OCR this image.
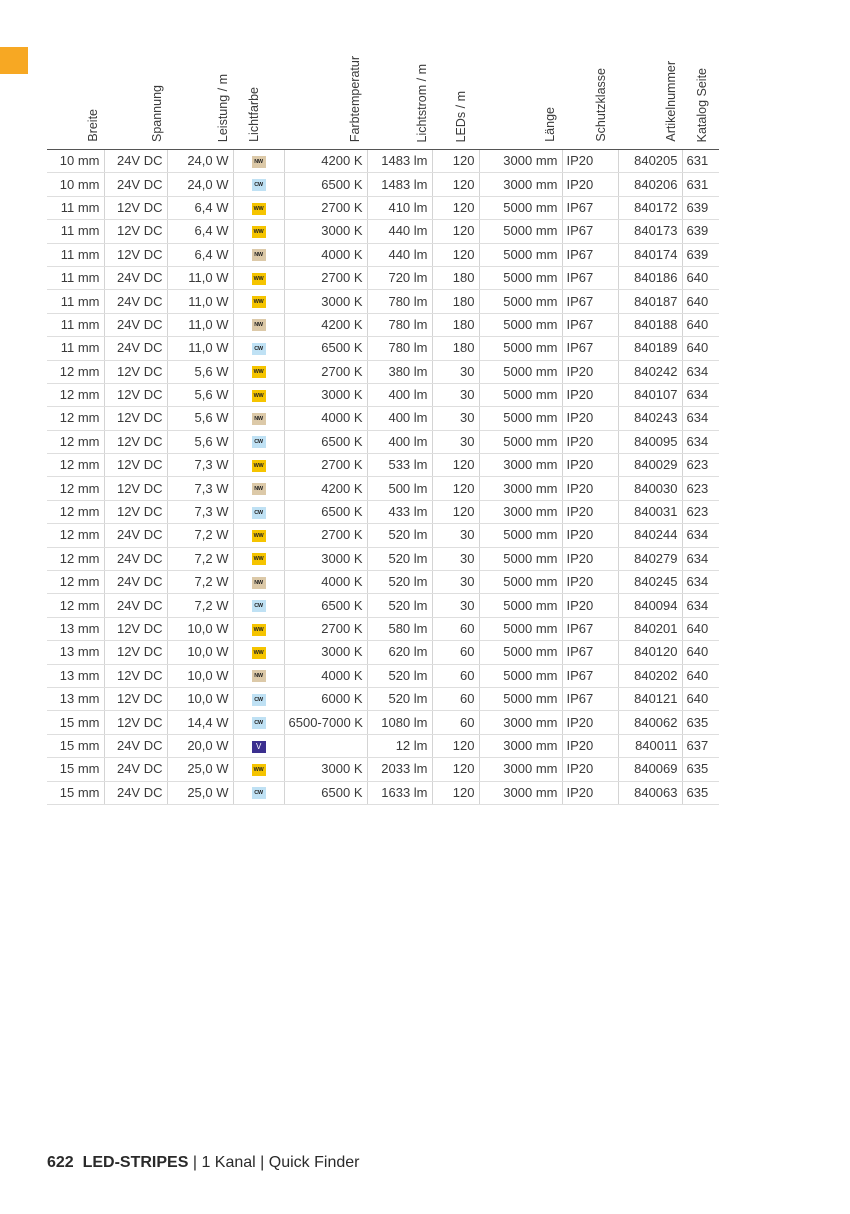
Breite	Spannung	Leistung / m	Lichtfarbe	Farbtemperatur	Lichtstrom / m	LEDs / m	Länge	Schutzklasse	Artikelnummer	Katalog Seite

10 mm	24V DC	24,0 W	NW	4200 K	1483 lm	120	3000 mm	IP20	840205	631
10 mm	24V DC	24,0 W	CW	6500 K	1483 lm	120	3000 mm	IP20	840206	631
11 mm	12V DC	6,4 W	WW	2700 K	410 lm	120	5000 mm	IP67	840172	639
11 mm	12V DC	6,4 W	WW	3000 K	440 lm	120	5000 mm	IP67	840173	639
11 mm	12V DC	6,4 W	NW	4000 K	440 lm	120	5000 mm	IP67	840174	639
11 mm	24V DC	11,0 W	WW	2700 K	720 lm	180	5000 mm	IP67	840186	640
11 mm	24V DC	11,0 W	WW	3000 K	780 lm	180	5000 mm	IP67	840187	640
11 mm	24V DC	11,0 W	NW	4200 K	780 lm	180	5000 mm	IP67	840188	640
11 mm	24V DC	11,0 W	CW	6500 K	780 lm	180	5000 mm	IP67	840189	640
12 mm	12V DC	5,6 W	WW	2700 K	380 lm	30	5000 mm	IP20	840242	634
12 mm	12V DC	5,6 W	WW	3000 K	400 lm	30	5000 mm	IP20	840107	634
12 mm	12V DC	5,6 W	NW	4000 K	400 lm	30	5000 mm	IP20	840243	634
12 mm	12V DC	5,6 W	CW	6500 K	400 lm	30	5000 mm	IP20	840095	634
12 mm	12V DC	7,3 W	WW	2700 K	533 lm	120	3000 mm	IP20	840029	623
12 mm	12V DC	7,3 W	NW	4200 K	500 lm	120	3000 mm	IP20	840030	623
12 mm	12V DC	7,3 W	CW	6500 K	433 lm	120	3000 mm	IP20	840031	623
12 mm	24V DC	7,2 W	WW	2700 K	520 lm	30	5000 mm	IP20	840244	634
12 mm	24V DC	7,2 W	WW	3000 K	520 lm	30	5000 mm	IP20	840279	634
12 mm	24V DC	7,2 W	NW	4000 K	520 lm	30	5000 mm	IP20	840245	634
12 mm	24V DC	7,2 W	CW	6500 K	520 lm	30	5000 mm	IP20	840094	634
13 mm	12V DC	10,0 W	WW	2700 K	580 lm	60	5000 mm	IP67	840201	640
13 mm	12V DC	10,0 W	WW	3000 K	620 lm	60	5000 mm	IP67	840120	640
13 mm	12V DC	10,0 W	NW	4000 K	520 lm	60	5000 mm	IP67	840202	640
13 mm	12V DC	10,0 W	CW	6000 K	520 lm	60	5000 mm	IP67	840121	640
15 mm	12V DC	14,4 W	CW	6500-7000 K	1080 lm	60	3000 mm	IP20	840062	635
15 mm	24V DC	20,0 W	V		12 lm	120	3000 mm	IP20	840011	637
15 mm	24V DC	25,0 W	WW	3000 K	2033 lm	120	3000 mm	IP20	840069	635
15 mm	24V DC	25,0 W	CW	6500 K	1633 lm	120	3000 mm	IP20	840063	635
622 LED-STRIPES | 1 Kanal | Quick Finder
